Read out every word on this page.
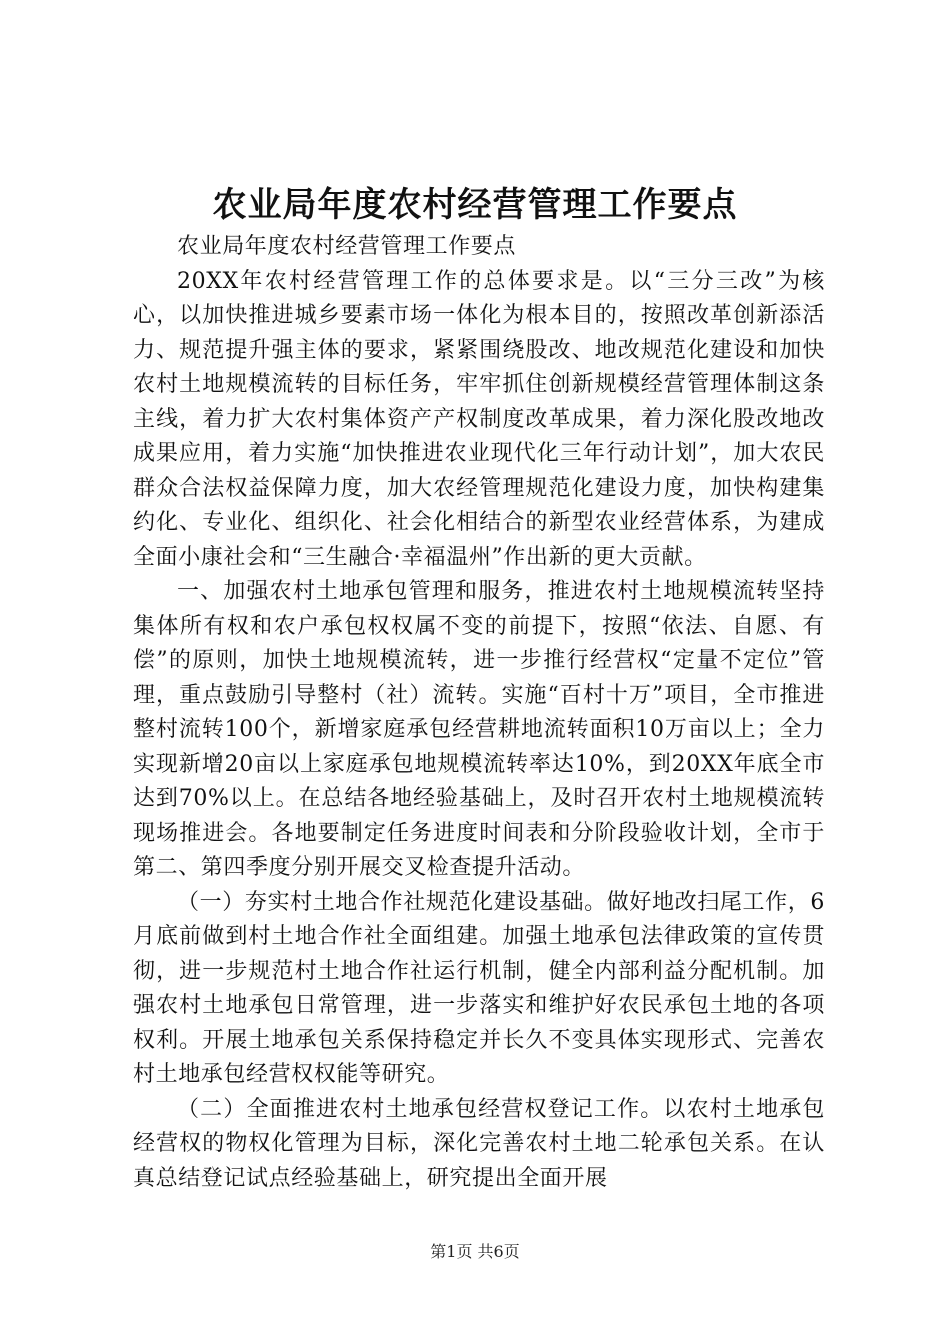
农业局年度农村经营管理工作要点

农业局年度农村经营管理工作要点

20XX年农村经营管理工作的总体要求是。以“三分三改”为核心，以加快推进城乡要素市场一体化为根本目的，按照改革创新添活力、规范提升强主体的要求，紧紧围绕股改、地改规范化建设和加快农村土地规模流转的目标任务，牢牢抓住创新规模经营管理体制这条主线，着力扩大农村集体资产产权制度改革成果，着力深化股改地改成果应用，着力实施“加快推进农业现代化三年行动计划”，加大农民群众合法权益保障力度，加大农经管理规范化建设力度，加快构建集约化、专业化、组织化、社会化相结合的新型农业经营体系，为建成全面小康社会和“三生融合·幸福温州”作出新的更大贡献。

一、加强农村土地承包管理和服务，推进农村土地规模流转坚持集体所有权和农户承包权权属不变的前提下，按照“依法、自愿、有偿”的原则，加快土地规模流转，进一步推行经营权“定量不定位”管理，重点鼓励引导整村（社）流转。实施“百村十万”项目，全市推进整村流转100个，新增家庭承包经营耕地流转面积10万亩以上；全力实现新增20亩以上家庭承包地规模流转率达10%，到20XX年底全市达到70%以上。在总结各地经验基础上，及时召开农村土地规模流转现场推进会。各地要制定任务进度时间表和分阶段验收计划，全市于第二、第四季度分别开展交叉检查提升活动。

（一）夯实村土地合作社规范化建设基础。做好地改扫尾工作，6月底前做到村土地合作社全面组建。加强土地承包法律政策的宣传贯彻，进一步规范村土地合作社运行机制，健全内部利益分配机制。加强农村土地承包日常管理，进一步落实和维护好农民承包土地的各项权利。开展土地承包关系保持稳定并长久不变具体实现形式、完善农村土地承包经营权权能等研究。

（二）全面推进农村土地承包经营权登记工作。以农村土地承包经营权的物权化管理为目标，深化完善农村土地二轮承包关系。在认真总结登记试点经验基础上，研究提出全面开展

第1页 共6页
